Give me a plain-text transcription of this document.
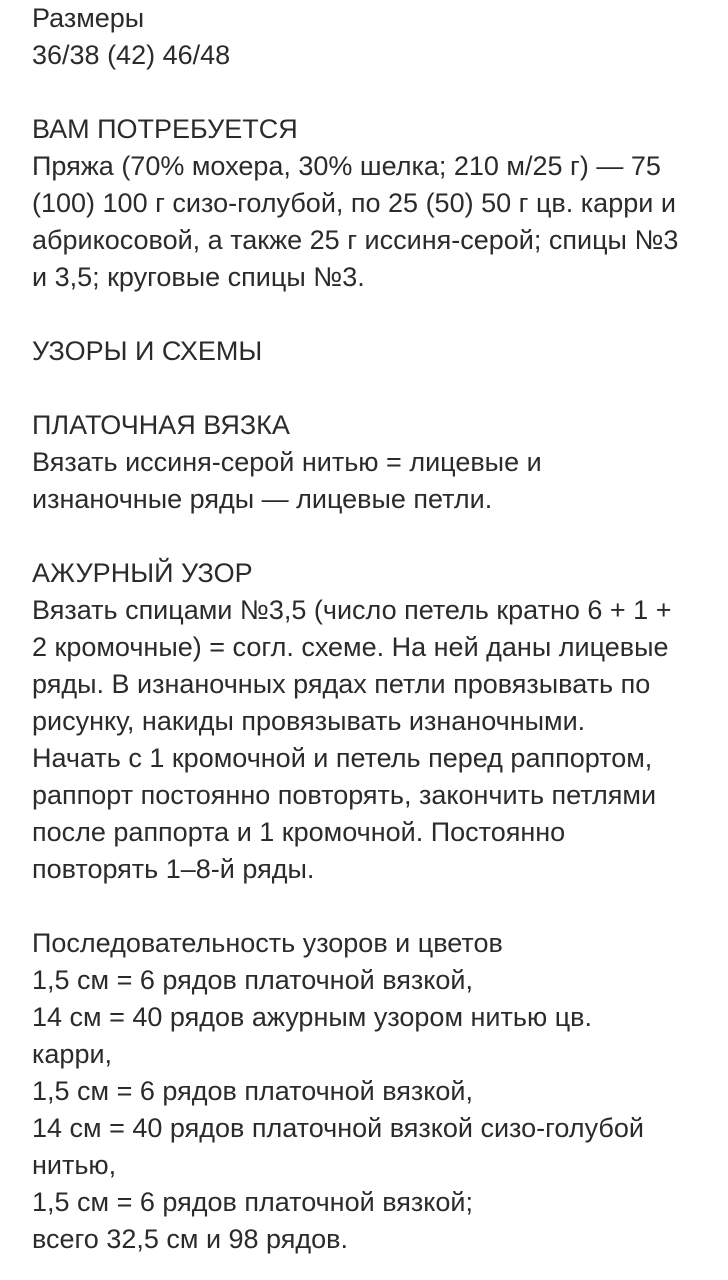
Размеры
36/38 (42) 46/48
ВАМ ПОТРЕБУЕТСЯ
Пряжа (70% мохера, 30% шелка; 210 м/25 г) — 75
(100) 100 г сизо-голубой, по 25 (50) 50 г цв. карри и
абрикосовой, а также 25 г иссиня-серой; спицы №3
и 3,5; круговые спицы №3.
УЗОРЫ И СХЕМЫ
ПЛАТОЧНАЯ ВЯЗКА
Вязать иссиня-серой нитью = лицевые и
изнаночные ряды — лицевые петли.
АЖУРНЫЙ УЗОР
Вязать спицами №3,5 (число петель кратно 6 + 1 +
2 кромочные) = согл. схеме. На ней даны лицевые
ряды. В изнаночных рядах петли провязывать по
рисунку, накиды провязывать изнаночными.
Начать с 1 кромочной и петель перед раппортом,
раппорт постоянно повторять, закончить петлями
после раппорта и 1 кромочной. Постоянно
повторять 1–8-й ряды.
Последовательность узоров и цветов
1,5 см = 6 рядов платочной вязкой,
14 см = 40 рядов ажурным узором нитью цв.
карри,
1,5 см = 6 рядов платочной вязкой,
14 см = 40 рядов платочной вязкой сизо-голубой
нитью,
1,5 см = 6 рядов платочной вязкой;
всего 32,5 см и 98 рядов.
